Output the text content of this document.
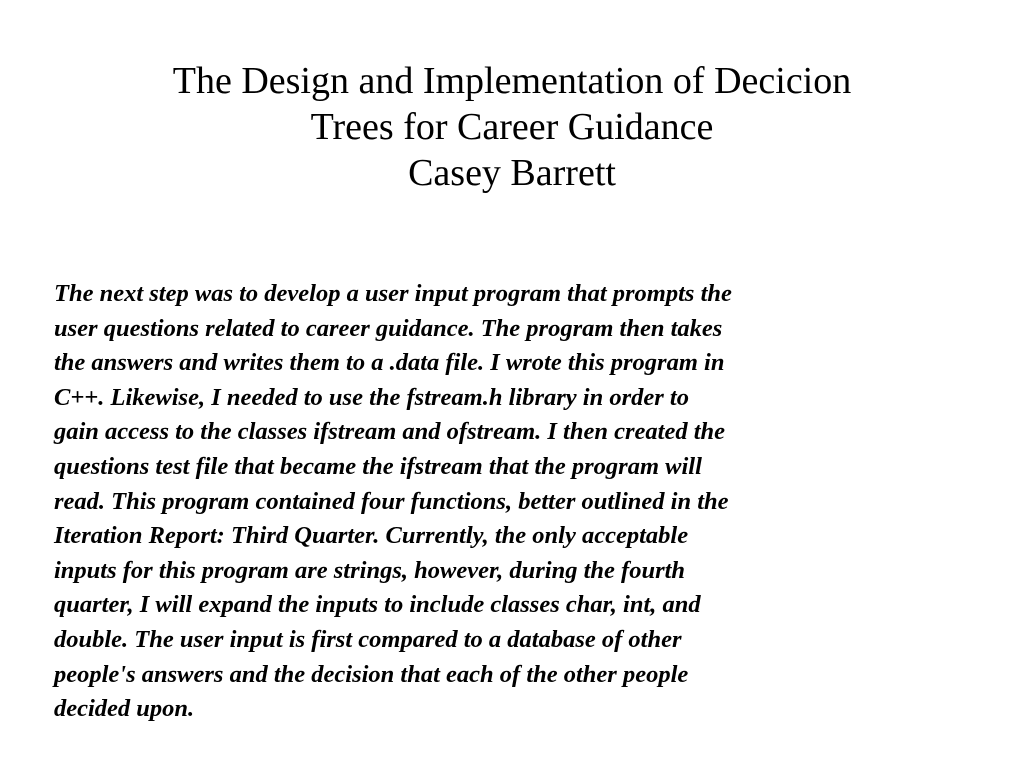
The Design and Implementation of Decicion
Trees for Career Guidance
Casey Barrett
The next step was to develop a user input program that prompts the
user questions related to career guidance. The program then takes
the answers and writes them to a .data file. I wrote this program in
C++. Likewise, I needed to use the fstream.h library in order to
gain access to the classes ifstream and ofstream. I then created the
questions test file that became the ifstream that the program will
read. This program contained four functions, better outlined in the
Iteration Report: Third Quarter. Currently, the only acceptable
inputs for this program are strings, however, during the fourth
quarter, I will expand the inputs to include classes char, int, and
double. The user input is first compared to a database of other
people's answers and the decision that each of the other people
decided upon.
